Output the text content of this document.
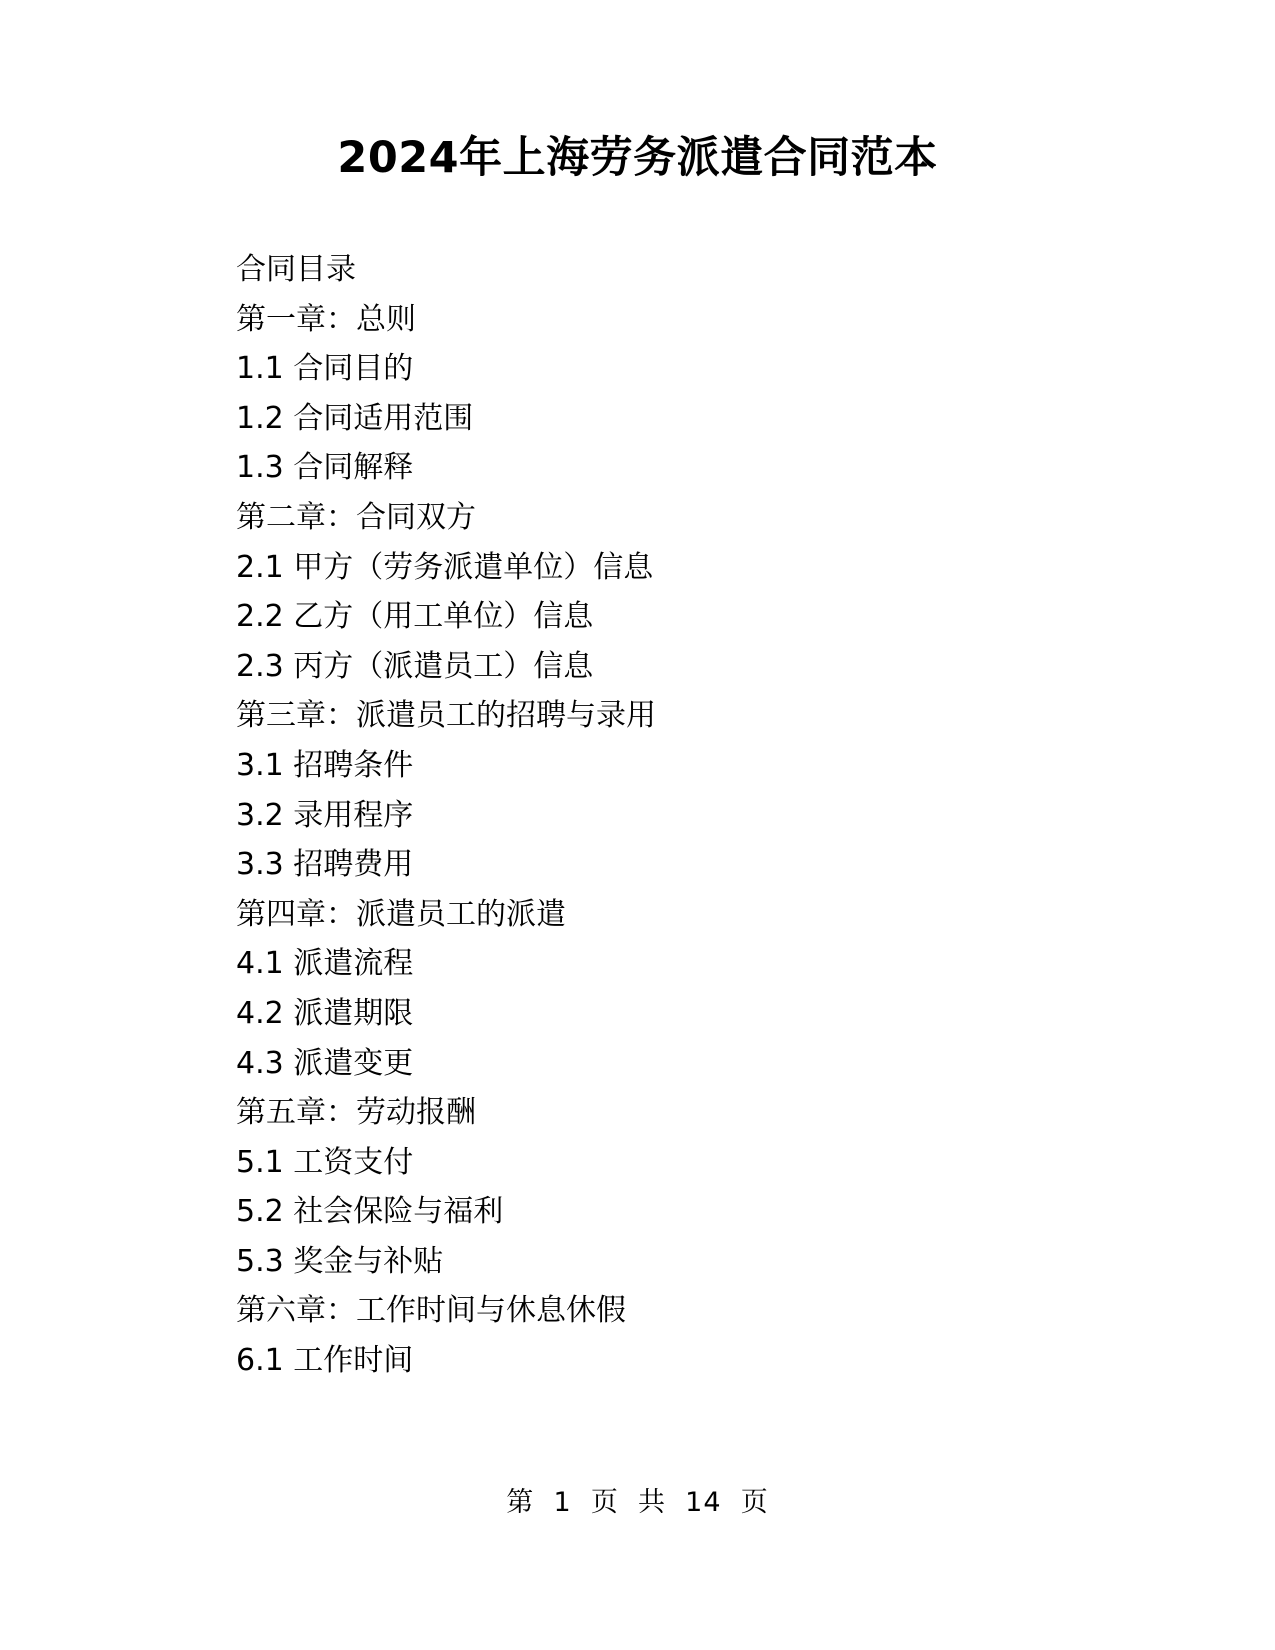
2024年上海劳务派遣合同范本
合同目录
第一章：总则
1.1 合同目的
1.2 合同适用范围
1.3 合同解释
第二章：合同双方
2.1 甲方（劳务派遣单位）信息
2.2 乙方（用工单位）信息
2.3 丙方（派遣员工）信息
第三章：派遣员工的招聘与录用
3.1 招聘条件
3.2 录用程序
3.3 招聘费用
第四章：派遣员工的派遣
4.1 派遣流程
4.2 派遣期限
4.3 派遣变更
第五章：劳动报酬
5.1 工资支付
5.2 社会保险与福利
5.3 奖金与补贴
第六章：工作时间与休息休假
6.1 工作时间
第 1 页  共 14 页
